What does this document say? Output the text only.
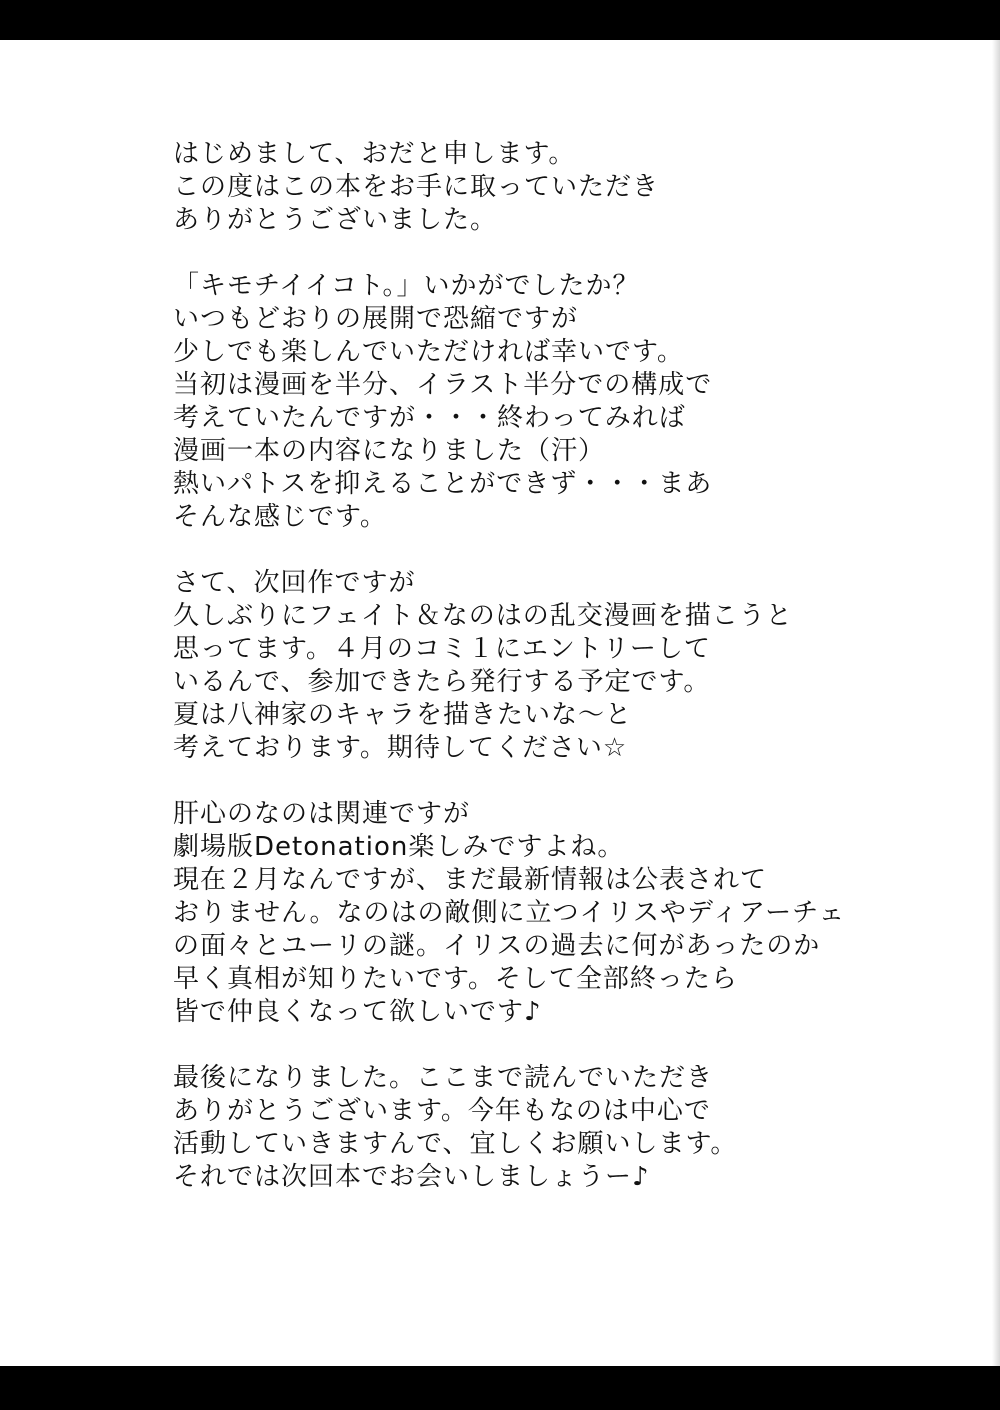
はじめまして、おだと申します。
この度はこの本をお手に取っていただき
ありがとうございました。
「キモチイイコト。」いかがでしたか？
いつもどおりの展開で恐縮ですが
少しでも楽しんでいただければ幸いです。
当初は漫画を半分、イラスト半分での構成で
考えていたんですが・・・終わってみれば
漫画一本の内容になりました（汗）
熱いパトスを抑えることができず・・・まあ
そんな感じです。
さて、次回作ですが
久しぶりにフェイト＆なのはの乱交漫画を描こうと
思ってます。４月のコミ１にエントリーして
いるんで、参加できたら発行する予定です。
夏は八神家のキャラを描きたいな～と
考えております。期待してください☆
肝心のなのは関連ですが
劇場版Detonation楽しみですよね。
現在２月なんですが、まだ最新情報は公表されて
おりません。なのはの敵側に立つイリスやディアーチェ
の面々とユーリの謎。イリスの過去に何があったのか
早く真相が知りたいです。そして全部終ったら
皆で仲良くなって欲しいです♪
最後になりました。ここまで読んでいただき
ありがとうございます。今年もなのは中心で
活動していきますんで、宜しくお願いします。
それでは次回本でお会いしましょうー♪
